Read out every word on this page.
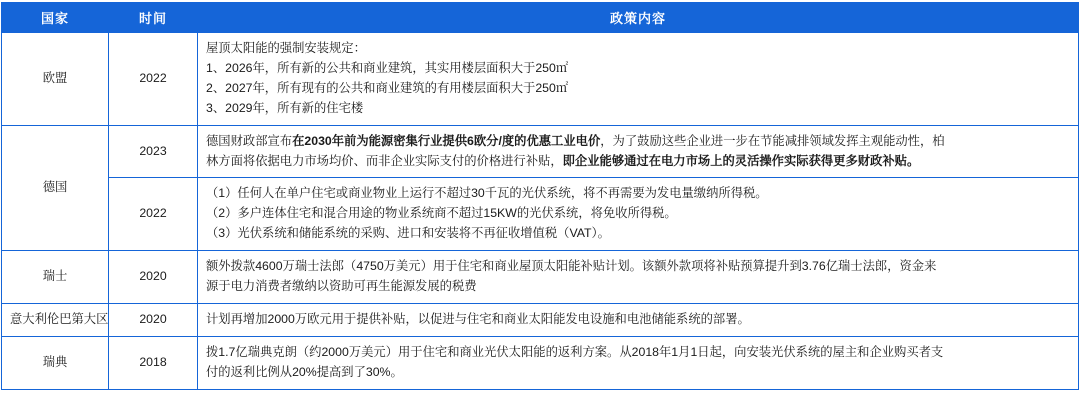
国家	时间	政策内容
欧盟	2022	屋顶太阳能的强制安装规定：

1、2026年，所有新的公共和商业建筑，其实用楼层面积大于250㎡

2、2027年，所有现有的公共和商业建筑的有用楼层面积大于250㎡

3、2029年，所有新的住宅楼

德国	2023	德国财政部宣布在2030年前为能源密集行业提供6欧分/度的优惠工业电价，为了鼓励这些企业进一步在节能减排领域发挥主观能动性，柏

林方面将依据电力市场均价、而非企业实际支付的价格进行补贴，即企业能够通过在电力市场上的灵活操作实际获得更多财政补贴。

	2022	（1）任何人在单户住宅或商业物业上运行不超过30千瓦的光伏系统，将不再需要为发电量缴纳所得税。

（2）多户连体住宅和混合用途的物业系统商不超过15KW的光伏系统，将免收所得税。

（3）光伏系统和储能系统的采购、进口和安装将不再征收增值税（VAT）。

瑞士	2020	额外拨款4600万瑞士法郎（4750万美元）用于住宅和商业屋顶太阳能补贴计划。该额外款项将补贴预算提升到3.76亿瑞士法郎，资金来

源于电力消费者缴纳以资助可再生能源发展的税费

意大利伦巴第大区	2020	计划再增加2000万欧元用于提供补贴，以促进与住宅和商业太阳能发电设施和电池储能系统的部署。

瑞典	2018	拨1.7亿瑞典克朗（约2000万美元）用于住宅和商业光伏太阳能的返利方案。从2018年1月1日起，向安装光伏系统的屋主和企业购买者支

付的返利比例从20%提高到了30%。
